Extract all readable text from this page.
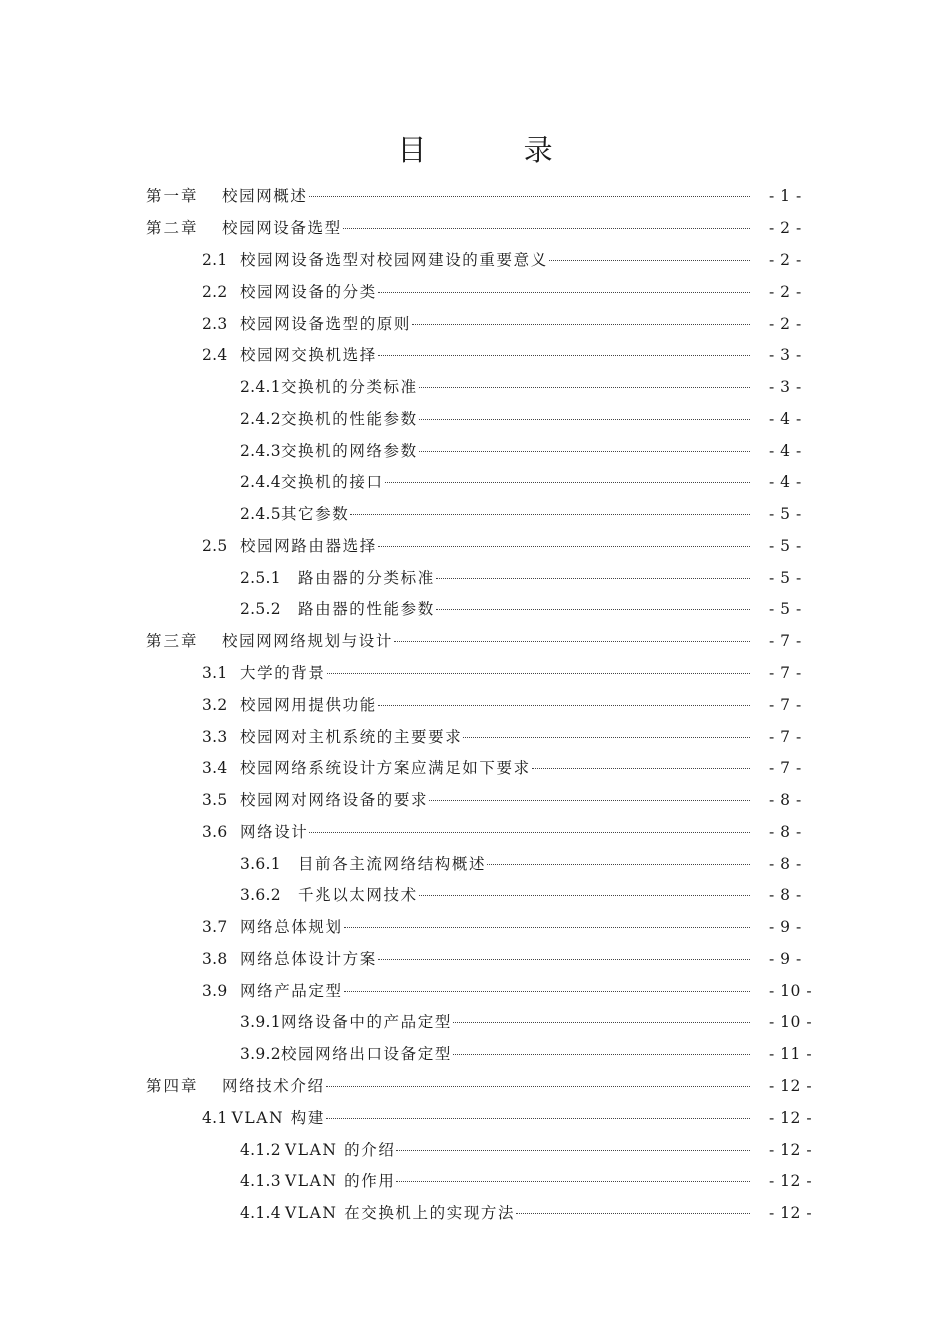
目 录
第一章	校园网概述	- 1 -
第二章	校园网设备选型	- 2 -
2.1 校园网设备选型对校园网建设的重要意义	- 2 -
2.2 校园网设备的分类	- 2 -
2.3 校园网设备选型的原则	- 2 -
2.4 校园网交换机选择	- 3 -
2.4.1 交换机的分类标准	- 3 -
2.4.2 交换机的性能参数	- 4 -
2.4.3 交换机的网络参数	- 4 -
2.4.4 交换机的接口	- 4 -
2.4.5 其它参数	- 5 -
2.5 校园网路由器选择	- 5 -
2.5.1	路由器的分类标准	- 5 -
2.5.2	路由器的性能参数	- 5 -
第三章	校园网网络规划与设计	- 7 -
3.1 大学的背景	- 7 -
3.2 校园网用提供功能	- 7 -
3.3 校园网对主机系统的主要要求	- 7 -
3.4 校园网络系统设计方案应满足如下要求	- 7 -
3.5 校园网对网络设备的要求	- 8 -
3.6 网络设计	- 8 -
3.6.1	目前各主流网络结构概述	- 8 -
3.6.2	千兆以太网技术	- 8 -
3.7 网络总体规划	- 9 -
3.8 网络总体设计方案	- 9 -
3.9 网络产品定型	- 10 -
3.9.1 网络设备中的产品定型	- 10 -
3.9.2 校园网络出口设备定型	- 11 -
第四章	网络技术介绍	- 12 -
4.1 VLAN 构建	- 12 -
4.1.2 VLAN 的介绍	- 12 -
4.1.3 VLAN 的作用	- 12 -
4.1.4 VLAN 在交换机上的实现方法	- 12 -
